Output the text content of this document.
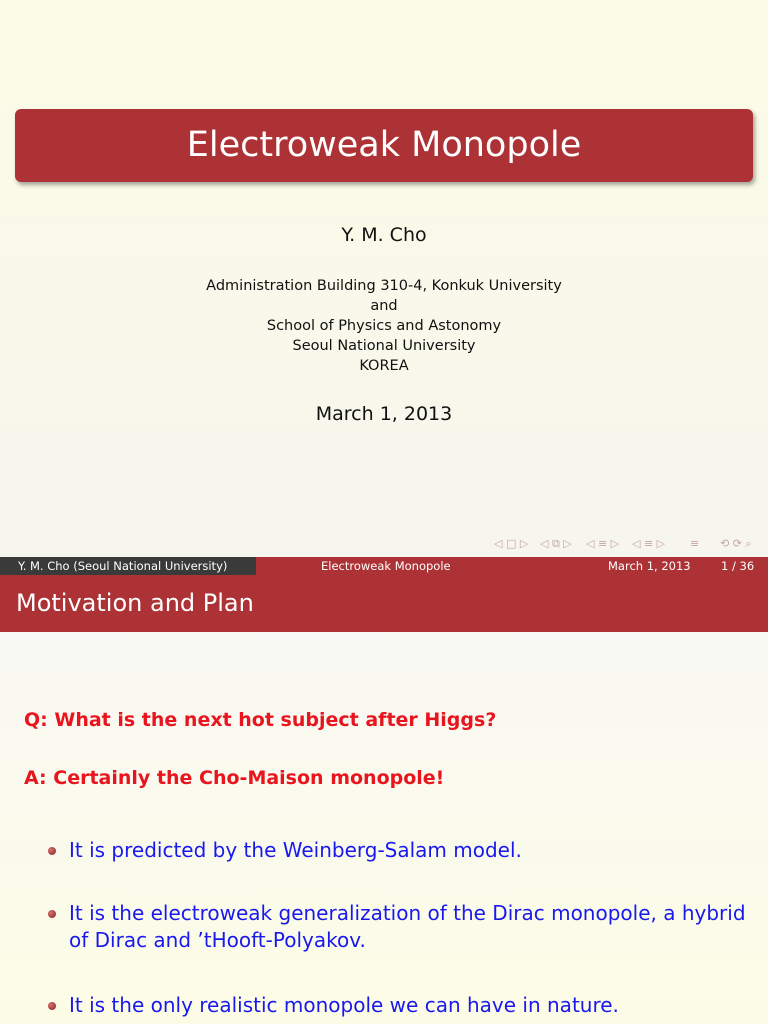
Electroweak Monopole
Y. M. Cho
Administration Building 310-4, Konkuk University
and
School of Physics and Astonomy
Seoul National University
KOREA
March 1, 2013
◁ □ ▷ ◁ ⧉ ▷ ◁ ≡ ▷ ◁ ≡ ▷ ≡ ⟲ ⟳ ⌕
Y. M. Cho (Seoul National University)	Electroweak Monopole	March 1, 2013	1 / 36
Motivation and Plan
Q: What is the next hot subject after Higgs?
A: Certainly the Cho-Maison monopole!
It is predicted by the Weinberg-Salam model.
It is the electroweak generalization of the Dirac monopole, a hybrid of Dirac and ’tHooft-Polyakov.
It is the only realistic monopole we can have in nature.
